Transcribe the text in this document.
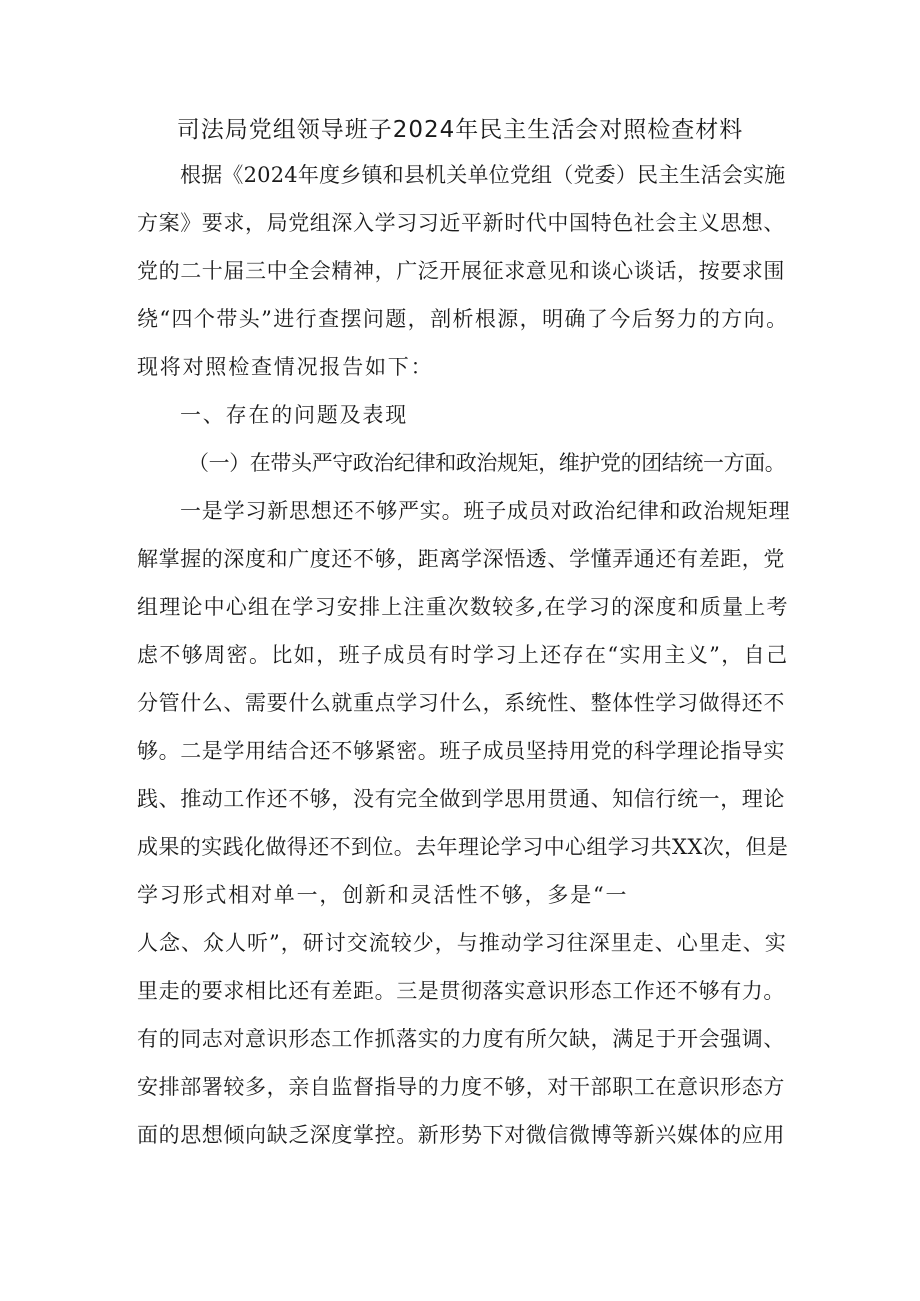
司法局党组领导班子2024年民主生活会对照检查材料
根据《2024年度乡镇和县机关单位党组（党委）民主生活会实施
方案》要求，局党组深入学习习近平新时代中国特色社会主义思想、
党的二十届三中全会精神，广泛开展征求意见和谈心谈话，按要求围
绕“四个带头”进行查摆问题，剖析根源，明确了今后努力的方向。
现将对照检查情况报告如下：
一、存在的问题及表现
（一）在带头严守政治纪律和政治规矩，维护党的团结统一方面。
一是学习新思想还不够严实。班子成员对政治纪律和政治规矩理
解掌握的深度和广度还不够，距离学深悟透、学懂弄通还有差距，党
组理论中心组在学习安排上注重次数较多,在学习的深度和质量上考
虑不够周密。比如，班子成员有时学习上还存在“实用主义”，自己
分管什么、需要什么就重点学习什么，系统性、整体性学习做得还不
够。二是学用结合还不够紧密。班子成员坚持用党的科学理论指导实
践、推动工作还不够，没有完全做到学思用贯通、知信行统一，理论
成果的实践化做得还不到位。去年理论学习中心组学习共XX次，但是
学习形式相对单一，创新和灵活性不够，多是“一
人念、众人听”，研讨交流较少，与推动学习往深里走、心里走、实
里走的要求相比还有差距。三是贯彻落实意识形态工作还不够有力。
有的同志对意识形态工作抓落实的力度有所欠缺，满足于开会强调、
安排部署较多，亲自监督指导的力度不够，对干部职工在意识形态方
面的思想倾向缺乏深度掌控。新形势下对微信微博等新兴媒体的应用
